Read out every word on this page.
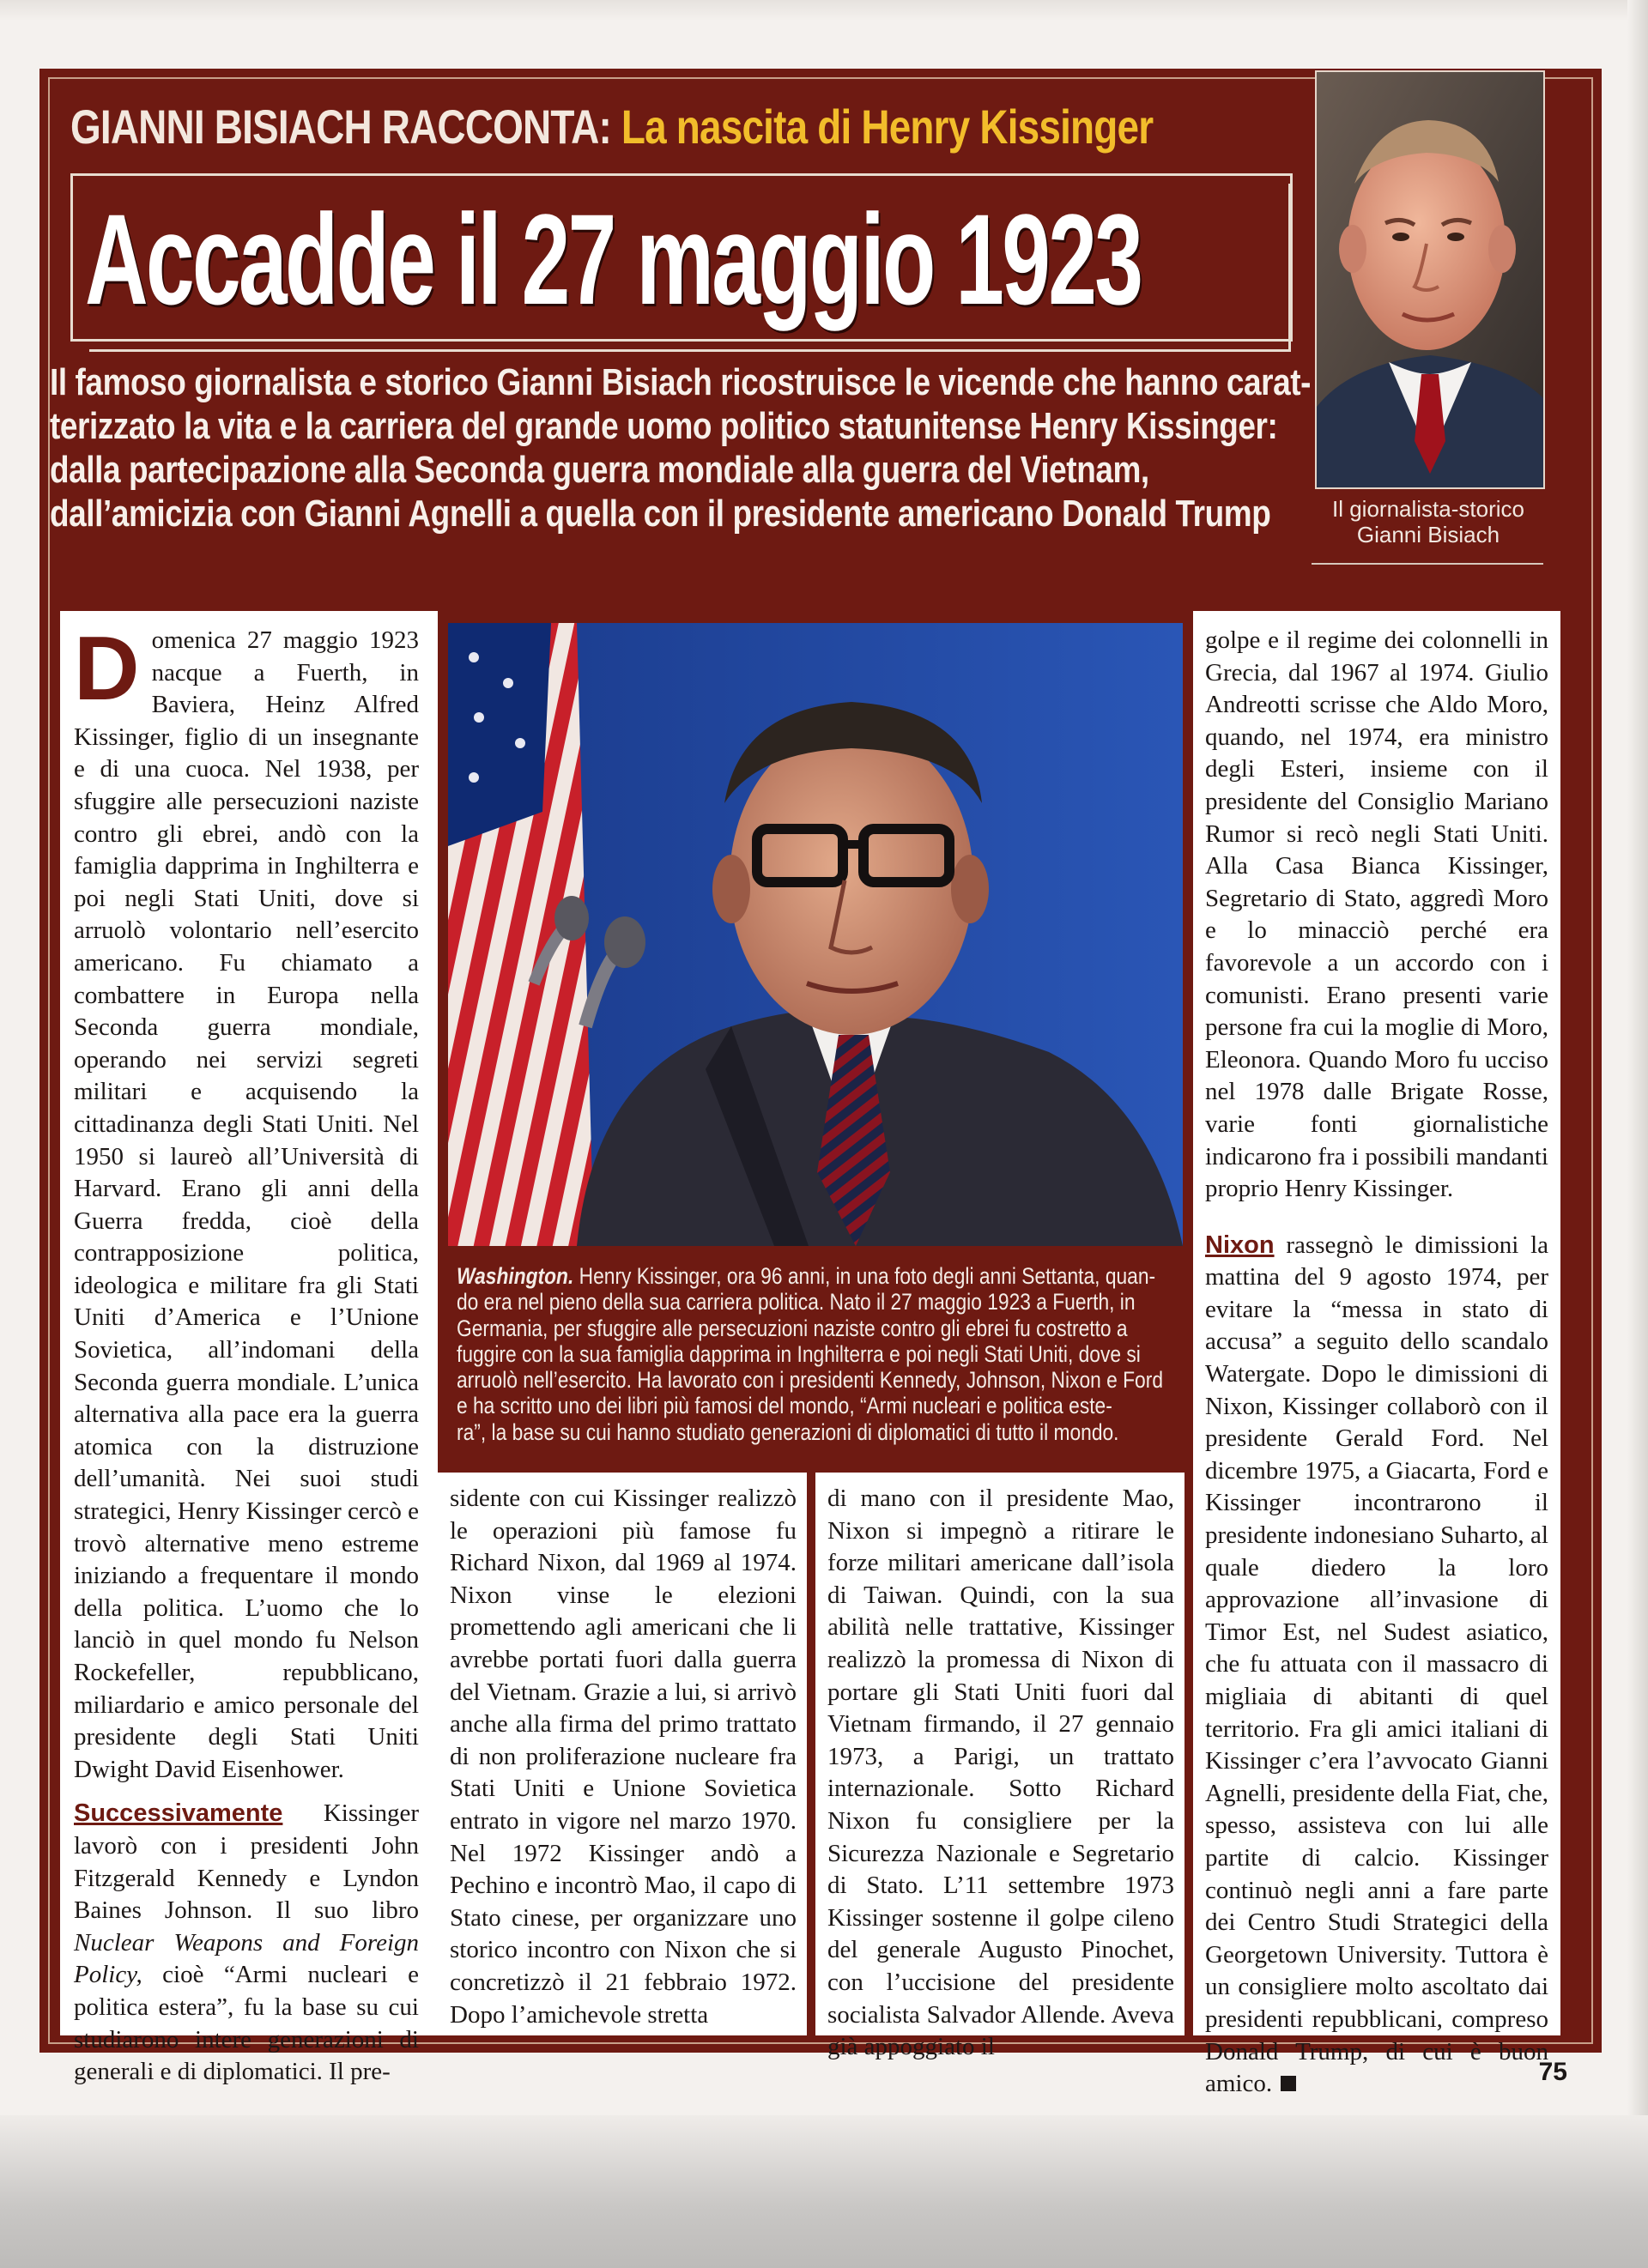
GIANNI BISIACH RACCONTA: La nascita di Henry Kissinger
Accadde il 27 maggio 1923
Il giornalista-storico
Gianni Bisiach
Il famoso giornalista e storico Gianni Bisiach ricostruisce le vicende che hanno carat-
terizzato la vita e la carriera del grande uomo politico statunitense Henry Kissinger:
dalla partecipazione alla Seconda guerra mondiale alla guerra del Vietnam,
dall’amicizia con Gianni Agnelli a quella con il presidente americano Donald Trump

Domenica 27 maggio 1923 nacque a Fuerth, in Baviera, Heinz Alfred Kissinger, figlio di un insegnante e di una cuoca. Nel 1938, per sfuggire alle persecuzioni naziste contro gli ebrei, andò con la famiglia dapprima in Inghilterra e poi negli Stati Uniti, dove si arruolò volontario nell’esercito americano. Fu chiamato a combattere in Europa nella Seconda guerra mondiale, operando nei servizi segreti militari e acquisendo la cittadinanza degli Stati Uniti. Nel 1950 si laureò all’Università di Harvard. Erano gli anni della Guerra fredda, cioè della contrapposizione politica, ideologica e militare fra gli Stati Uniti d’America e l’Unione Sovietica, all’indomani della Seconda guerra mondiale. L’unica alternativa alla pace era la guerra atomica con la distruzione dell’umanità. Nei suoi studi strategici, Henry Kissinger cercò e trovò alternative meno estreme iniziando a frequentare il mondo della politica. L’uomo che lo lanciò in quel mondo fu Nelson Rockefeller, repubblicano, miliardario e amico personale del presidente degli Stati Uniti Dwight David Eisenhower.

Successivamente Kissinger lavorò con i presidenti John Fitzgerald Kennedy e Lyndon Baines Johnson. Il suo libro Nuclear Weapons and Foreign Policy, cioè “Armi nucleari e politica estera”, fu la base su cui studiarono intere generazioni di generali e di diplomatici. Il pre-

Washington. Henry Kissinger, ora 96 anni, in una foto degli anni Settanta, quan-
do era nel pieno della sua carriera politica. Nato il 27 maggio 1923 a Fuerth, in
Germania, per sfuggire alle persecuzioni naziste contro gli ebrei fu costretto a
fuggire con la sua famiglia dapprima in Inghilterra e poi negli Stati Uniti, dove si
arruolò nell’esercito. Ha lavorato con i presidenti Kennedy, Johnson, Nixon e Ford
e ha scritto uno dei libri più famosi del mondo, “Armi nucleari e politica este-
ra”, la base su cui hanno studiato generazioni di diplomatici di tutto il mondo.

sidente con cui Kissinger realizzò le operazioni più famose fu Richard Nixon, dal 1969 al 1974. Nixon vinse le elezioni promettendo agli americani che li avrebbe portati fuori dalla guerra del Vietnam. Grazie a lui, si arrivò anche alla firma del primo trattato di non proliferazione nucleare fra Stati Uniti e Unione Sovietica entrato in vigore nel marzo 1970. Nel 1972 Kissinger andò a Pechino e incontrò Mao, il capo di Stato cinese, per organizzare uno storico incontro con Nixon che si concretizzò il 21 febbraio 1972. Dopo l’amichevole stretta

di mano con il presidente Mao, Nixon si impegnò a ritirare le forze militari americane dall’isola di Taiwan. Quindi, con la sua abilità nelle trattative, Kissinger realizzò la promessa di Nixon di portare gli Stati Uniti fuori dal Vietnam firmando, il 27 gennaio 1973, a Parigi, un trattato internazionale. Sotto Richard Nixon fu consigliere per la Sicurezza Nazionale e Segretario di Stato. L’11 settembre 1973 Kissinger sostenne il golpe cileno del generale Augusto Pinochet, con l’uccisione del presidente socialista Salvador Allende. Aveva già appoggiato il

golpe e il regime dei colonnelli in Grecia, dal 1967 al 1974. Giulio Andreotti scrisse che Aldo Moro, quando, nel 1974, era ministro degli Esteri, insieme con il presidente del Consiglio Mariano Rumor si recò negli Stati Uniti. Alla Casa Bianca Kissinger, Segretario di Stato, aggredì Moro e lo minacciò perché era favorevole a un accordo con i comunisti. Erano presenti varie persone fra cui la moglie di Moro, Eleonora. Quando Moro fu ucciso nel 1978 dalle Brigate Rosse, varie fonti giornalistiche indicarono fra i possibili mandanti proprio Henry Kissinger.

Nixon rassegnò le dimissioni la mattina del 9 agosto 1974, per evitare la “messa in stato di accusa” a seguito dello scandalo Watergate. Dopo le dimissioni di Nixon, Kissinger collaborò con il presidente Gerald Ford. Nel dicembre 1975, a Giacarta, Ford e Kissinger incontrarono il presidente indonesiano Suharto, al quale diedero la loro approvazione all’invasione di Timor Est, nel Sudest asiatico, che fu attuata con il massacro di migliaia di abitanti di quel territorio. Fra gli amici italiani di Kissinger c’era l’avvocato Gianni Agnelli, presidente della Fiat, che, spesso, assisteva con lui alle partite di calcio. Kissinger continuò negli anni a fare parte dei Centro Studi Strategici della Georgetown University. Tuttora è un consigliere molto ascoltato dai presidenti repubblicani, compreso Donald Trump, di cui è buon amico.	75
